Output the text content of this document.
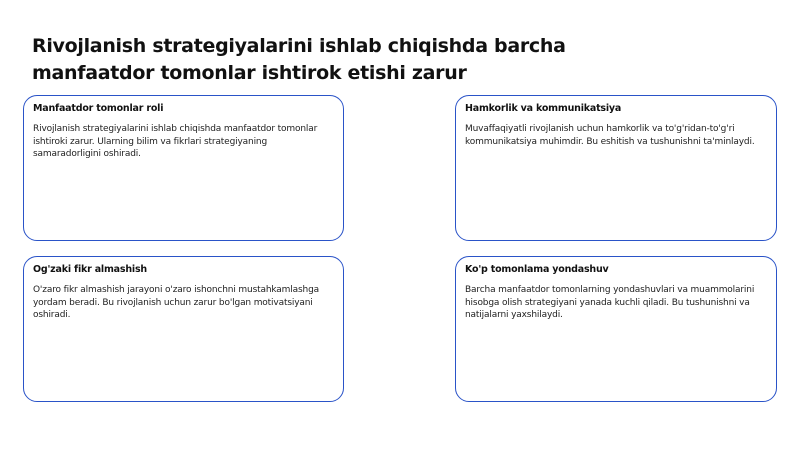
Rivojlanish strategiyalarini ishlab chiqishda barcha manfaatdor tomonlar ishtirok etishi zarur
Manfaatdor tomonlar roli

Rivojlanish strategiyalarini ishlab chiqishda manfaatdor tomonlar ishtiroki zarur. Ularning bilim va fikrlari strategiyaning samaradorligini oshiradi.

Hamkorlik va kommunikatsiya

Muvaffaqiyatli rivojlanish uchun hamkorlik va to'g'ridan-to'g'ri kommunikatsiya muhimdir. Bu eshitish va tushunishni ta'minlaydi.

Og'zaki fikr almashish

O'zaro fikr almashish jarayoni o'zaro ishonchni mustahkamlashga yordam beradi. Bu rivojlanish uchun zarur bo'lgan motivatsiyani oshiradi.

Ko'p tomonlama yondashuv

Barcha manfaatdor tomonlarning yondashuvlari va muammolarini hisobga olish strategiyani yanada kuchli qiladi. Bu tushunishni va natijalarni yaxshilaydi.
